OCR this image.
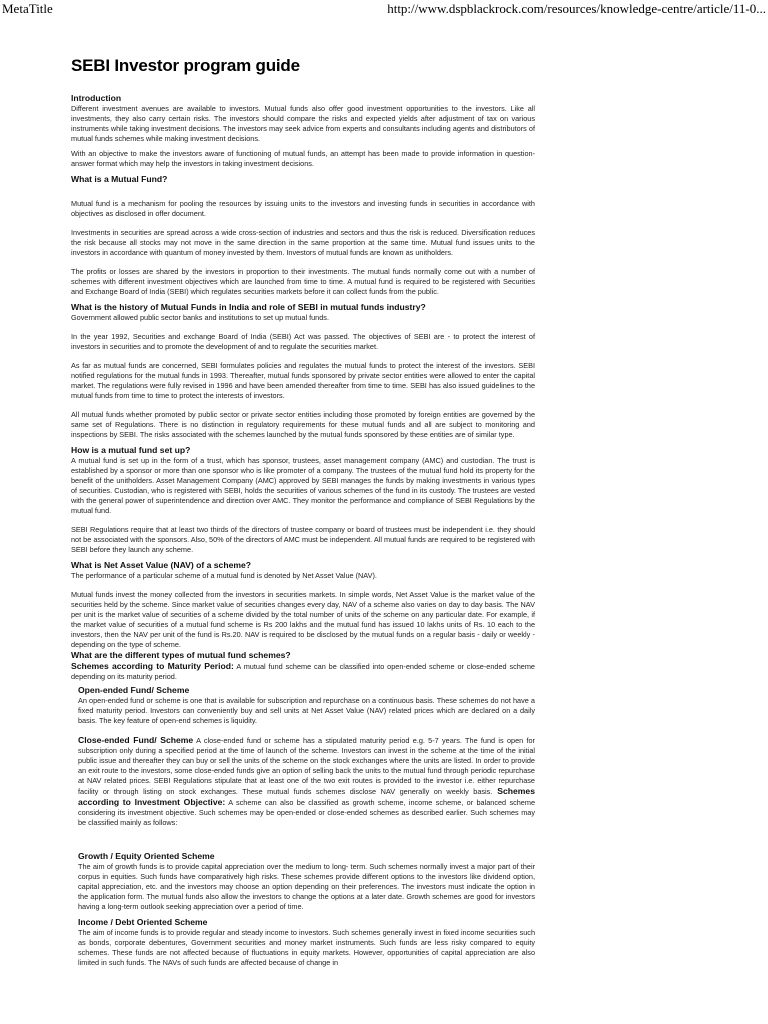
MetaTitle	http://www.dspblackrock.com/resources/knowledge-centre/article/11-0...
SEBI Investor program guide

Introduction

Different investment avenues are available to investors. Mutual funds also offer good investment opportunities to the investors. Like all investments, they also carry certain risks. The investors should compare the risks and expected yields after adjustment of tax on various instruments while taking investment decisions. The investors may seek advice from experts and consultants including agents and distributors of mutual funds schemes while making investment decisions.

With an objective to make the investors aware of functioning of mutual funds, an attempt has been made to provide information in question-answer format which may help the investors in taking investment decisions.

What is a Mutual Fund?

Mutual fund is a mechanism for pooling the resources by issuing units to the investors and investing funds in securities in accordance with objectives as disclosed in offer document.

Investments in securities are spread across a wide cross-section of industries and sectors and thus the risk is reduced. Diversification reduces the risk because all stocks may not move in the same direction in the same proportion at the same time. Mutual fund issues units to the investors in accordance with quantum of money invested by them. Investors of mutual funds are known as unitholders.

The profits or losses are shared by the investors in proportion to their investments. The mutual funds normally come out with a number of schemes with different investment objectives which are launched from time to time. A mutual fund is required to be registered with Securities and Exchange Board of India (SEBI) which regulates securities markets before it can collect funds from the public.

What is the history of Mutual Funds in India and role of SEBI in mutual funds industry?

Government allowed public sector banks and institutions to set up mutual funds.

In the year 1992, Securities and exchange Board of India (SEBI) Act was passed. The objectives of SEBI are - to protect the interest of investors in securities and to promote the development of and to regulate the securities market.

As far as mutual funds are concerned, SEBI formulates policies and regulates the mutual funds to protect the interest of the investors. SEBI notified regulations for the mutual funds in 1993. Thereafter, mutual funds sponsored by private sector entities were allowed to enter the capital market. The regulations were fully revised in 1996 and have been amended thereafter from time to time. SEBI has also issued guidelines to the mutual funds from time to time to protect the interests of investors.

All mutual funds whether promoted by public sector or private sector entities including those promoted by foreign entities are governed by the same set of Regulations. There is no distinction in regulatory requirements for these mutual funds and all are subject to monitoring and inspections by SEBI. The risks associated with the schemes launched by the mutual funds sponsored by these entities are of similar type.

How is a mutual fund set up?

A mutual fund is set up in the form of a trust, which has sponsor, trustees, asset management company (AMC) and custodian. The trust is established by a sponsor or more than one sponsor who is like promoter of a company. The trustees of the mutual fund hold its property for the benefit of the unitholders. Asset Management Company (AMC) approved by SEBI manages the funds by making investments in various types of securities. Custodian, who is registered with SEBI, holds the securities of various schemes of the fund in its custody. The trustees are vested with the general power of superintendence and direction over AMC. They monitor the performance and compliance of SEBI Regulations by the mutual fund.

SEBI Regulations require that at least two thirds of the directors of trustee company or board of trustees must be independent i.e. they should not be associated with the sponsors. Also, 50% of the directors of AMC must be independent. All mutual funds are required to be registered with SEBI before they launch any scheme.

What is Net Asset Value (NAV) of a scheme?

The performance of a particular scheme of a mutual fund is denoted by Net Asset Value (NAV).

Mutual funds invest the money collected from the investors in securities markets. In simple words, Net Asset Value is the market value of the securities held by the scheme. Since market value of securities changes every day, NAV of a scheme also varies on day to day basis. The NAV per unit is the market value of securities of a scheme divided by the total number of units of the scheme on any particular date. For example, if the market value of securities of a mutual fund scheme is Rs 200 lakhs and the mutual fund has issued 10 lakhs units of Rs. 10 each to the investors, then the NAV per unit of the fund is Rs.20. NAV is required to be disclosed by the mutual funds on a regular basis - daily or weekly - depending on the type of scheme.

What are the different types of mutual fund schemes?

Schemes according to Maturity Period: A mutual fund scheme can be classified into open-ended scheme or close-ended scheme depending on its maturity period.

Open-ended Fund/ Scheme

An open-ended fund or scheme is one that is available for subscription and repurchase on a continuous basis. These schemes do not have a fixed maturity period. Investors can conveniently buy and sell units at Net Asset Value (NAV) related prices which are declared on a daily basis. The key feature of open-end schemes is liquidity.

Close-ended Fund/ Scheme A close-ended fund or scheme has a stipulated maturity period e.g. 5-7 years. The fund is open for subscription only during a specified period at the time of launch of the scheme. Investors can invest in the scheme at the time of the initial public issue and thereafter they can buy or sell the units of the scheme on the stock exchanges where the units are listed. In order to provide an exit route to the investors, some close-ended funds give an option of selling back the units to the mutual fund through periodic repurchase at NAV related prices. SEBI Regulations stipulate that at least one of the two exit routes is provided to the investor i.e. either repurchase facility or through listing on stock exchanges. These mutual funds schemes disclose NAV generally on weekly basis. Schemes according to Investment Objective: A scheme can also be classified as growth scheme, income scheme, or balanced scheme considering its investment objective. Such schemes may be open-ended or close-ended schemes as described earlier. Such schemes may be classified mainly as follows:

Growth / Equity Oriented Scheme

The aim of growth funds is to provide capital appreciation over the medium to long- term. Such schemes normally invest a major part of their corpus in equities. Such funds have comparatively high risks. These schemes provide different options to the investors like dividend option, capital appreciation, etc. and the investors may choose an option depending on their preferences. The investors must indicate the option in the application form. The mutual funds also allow the investors to change the options at a later date. Growth schemes are good for investors having a long-term outlook seeking appreciation over a period of time.

Income / Debt Oriented Scheme

The aim of income funds is to provide regular and steady income to investors. Such schemes generally invest in fixed income securities such as bonds, corporate debentures, Government securities and money market instruments. Such funds are less risky compared to equity schemes. These funds are not affected because of fluctuations in equity markets. However, opportunities of capital appreciation are also limited in such funds. The NAVs of such funds are affected because of change in
